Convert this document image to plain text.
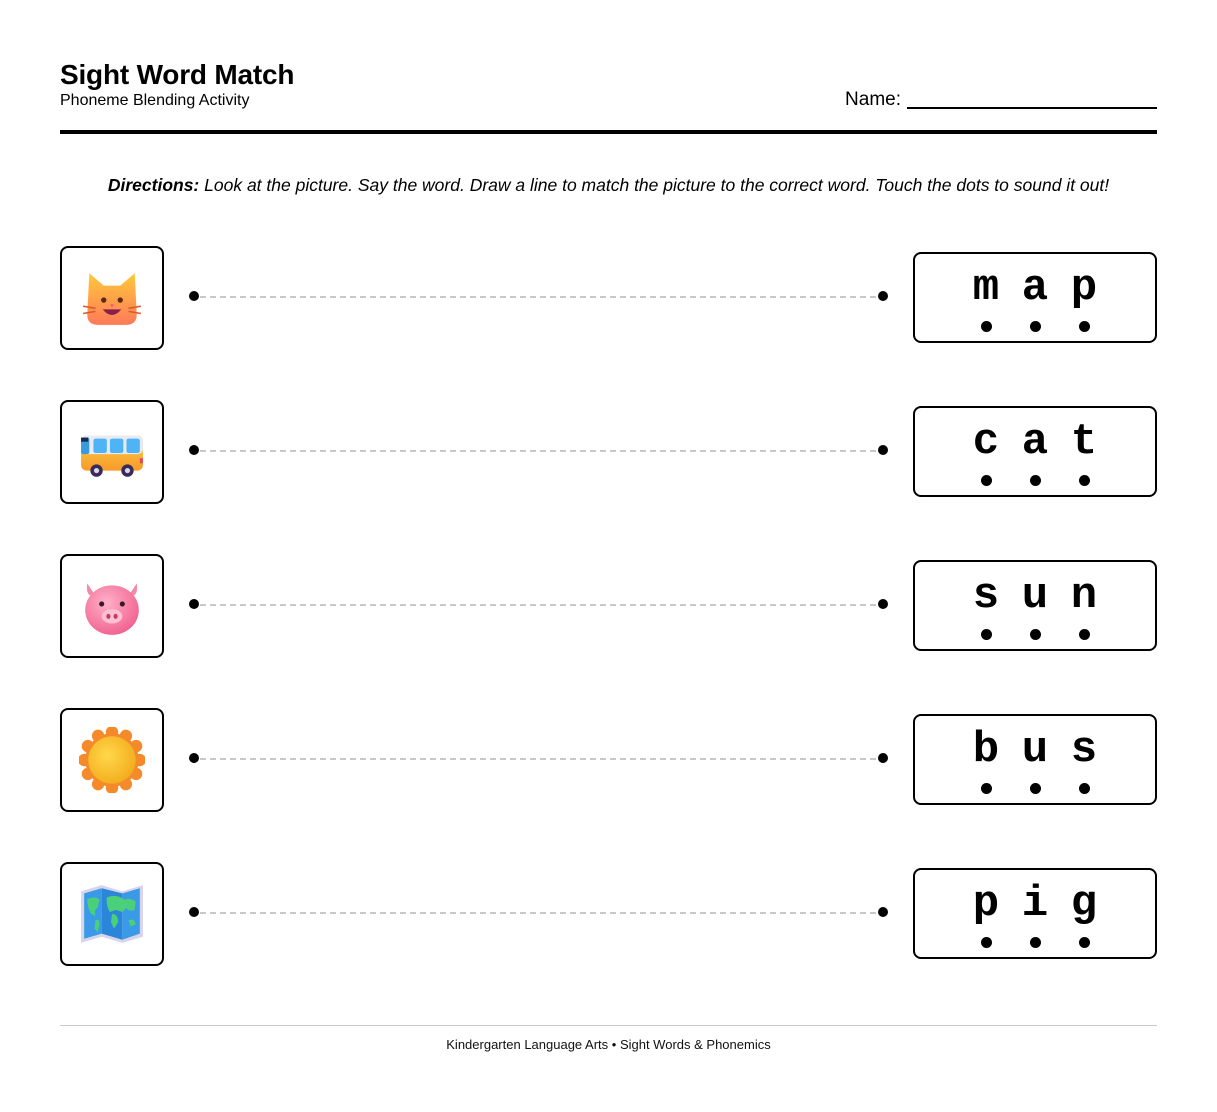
Sight Word Match
Phoneme Blending Activity	Name:
Directions: Look at the picture. Say the word. Draw a line to match the picture to the correct word. Touch the dots to sound it out!
m a p
c a t
s u n
b u s
p i g
Kindergarten Language Arts • Sight Words & Phonemics
